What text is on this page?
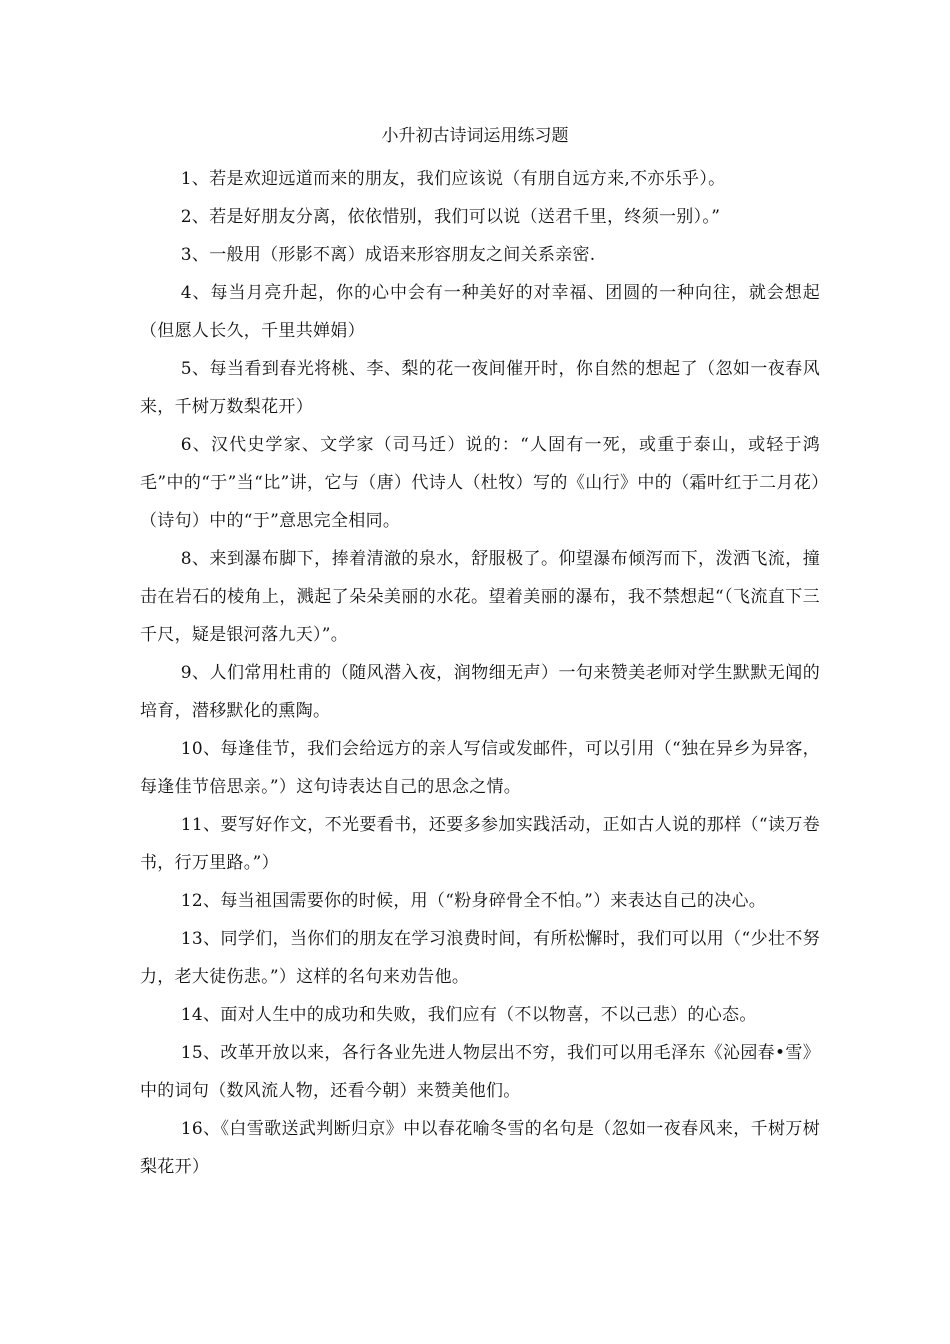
小升初古诗词运用练习题

1、若是欢迎远道而来的朋友，我们应该说（有朋自远方来,不亦乐乎）。

2、若是好朋友分离，依依惜别，我们可以说（送君千里，终须一别）。”

3、一般用（形影不离）成语来形容朋友之间关系亲密.

4、每当月亮升起，你的心中会有一种美好的对幸福、团圆的一种向往，就会想起（但愿人长久，千里共婵娟）

5、每当看到春光将桃、李、梨的花一夜间催开时，你自然的想起了（忽如一夜春风来，千树万数梨花开）

6、汉代史学家、文学家（司马迁）说的：“人固有一死，或重于泰山，或轻于鸿毛”中的“于”当“比”讲，它与（唐）代诗人（杜牧）写的《山行》中的（霜叶红于二月花）（诗句）中的“于”意思完全相同。

8、来到瀑布脚下，捧着清澈的泉水，舒服极了。仰望瀑布倾泻而下，泼洒飞流，撞击在岩石的棱角上，溅起了朵朵美丽的水花。望着美丽的瀑布，我不禁想起“（飞流直下三千尺，疑是银河落九天）”。

9、人们常用杜甫的（随风潜入夜，润物细无声）一句来赞美老师对学生默默无闻的培育，潜移默化的熏陶。

10、每逢佳节，我们会给远方的亲人写信或发邮件，可以引用（“独在异乡为异客，每逢佳节倍思亲。”）这句诗表达自己的思念之情。

11、要写好作文，不光要看书，还要多参加实践活动，正如古人说的那样（“读万卷书，行万里路。”）

12、每当祖国需要你的时候，用（“粉身碎骨全不怕。”）来表达自己的决心。

13、同学们，当你们的朋友在学习浪费时间，有所松懈时，我们可以用（“少壮不努力，老大徒伤悲。”）这样的名句来劝告他。

14、面对人生中的成功和失败，我们应有（不以物喜，不以己悲）的心态。

15、改革开放以来，各行各业先进人物层出不穷，我们可以用毛泽东《沁园春•雪》中的词句（数风流人物，还看今朝）来赞美他们。

16、《白雪歌送武判断归京》中以春花喻冬雪的名句是（忽如一夜春风来，千树万树梨花开）
